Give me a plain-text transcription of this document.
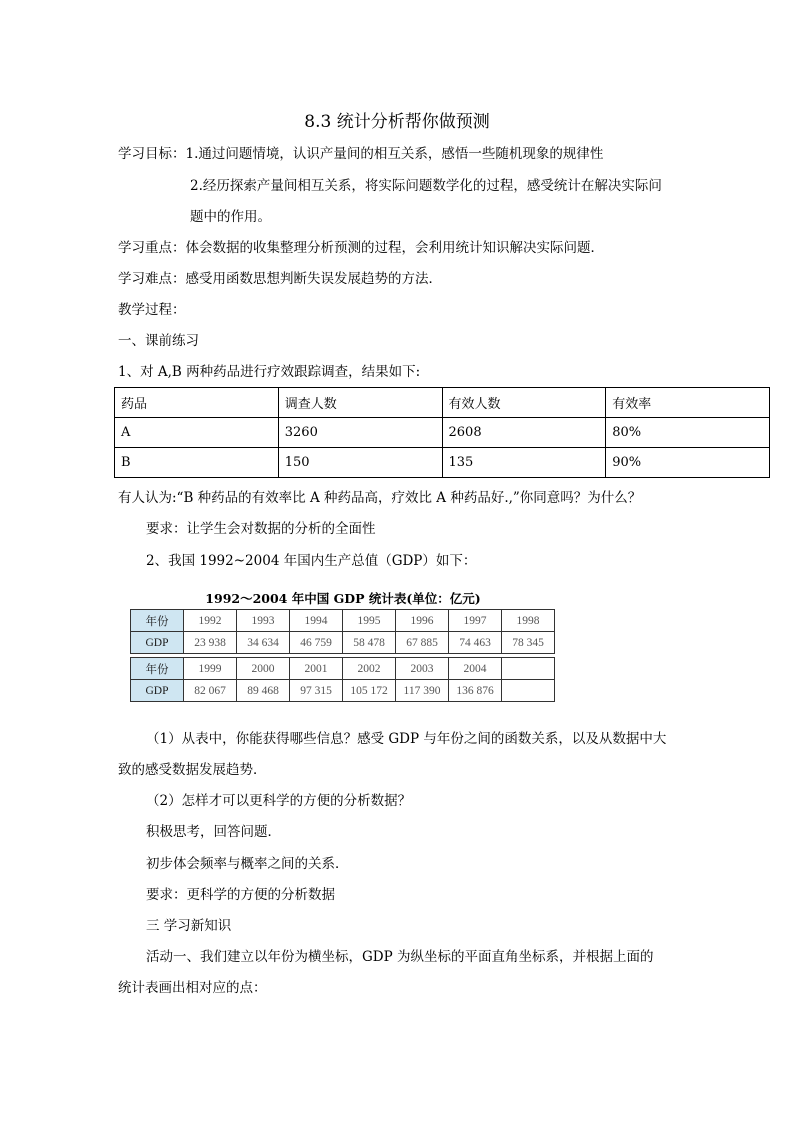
8.3 统计分析帮你做预测
学习目标：1.通过问题情境，认识产量间的相互关系，感悟一些随机现象的规律性
2.经历探索产量间相互关系，将实际问题数学化的过程，感受统计在解决实际问
题中的作用。
学习重点：体会数据的收集整理分析预测的过程，会利用统计知识解决实际问题．
学习难点：感受用函数思想判断失误发展趋势的方法．
教学过程：
一、课前练习
1、对 A,B 两种药品进行疗效跟踪调查，结果如下:
药品	调查人数	有效人数	有效率
A	3260	2608	80%
B	150	135	90%
有人认为:“B 种药品的有效率比 A 种药品高，疗效比 A 种药品好.,”你同意吗？为什么？
要求：让学生会对数据的分析的全面性
2、我国 1992~2004 年国内生产总值（GDP）如下：
1992～2004 年中国 GDP 统计表(单位：亿元)
年份	1992	1993	1994	1995	1996	1997	1998
GDP	23 938	34 634	46 759	58 478	67 885	74 463	78 345
年份	1999	2000	2001	2002	2003	2004	
GDP	82 067	89 468	97 315	105 172	117 390	136 876	
（1）从表中，你能获得哪些信息？感受 GDP 与年份之间的函数关系，以及从数据中大
致的感受数据发展趋势．
（2）怎样才可以更科学的方便的分析数据？
积极思考，回答问题．
初步体会频率与概率之间的关系．
要求：更科学的方便的分析数据
三 学习新知识
活动一、我们建立以年份为横坐标，GDP 为纵坐标的平面直角坐标系，并根据上面的
统计表画出相对应的点：
